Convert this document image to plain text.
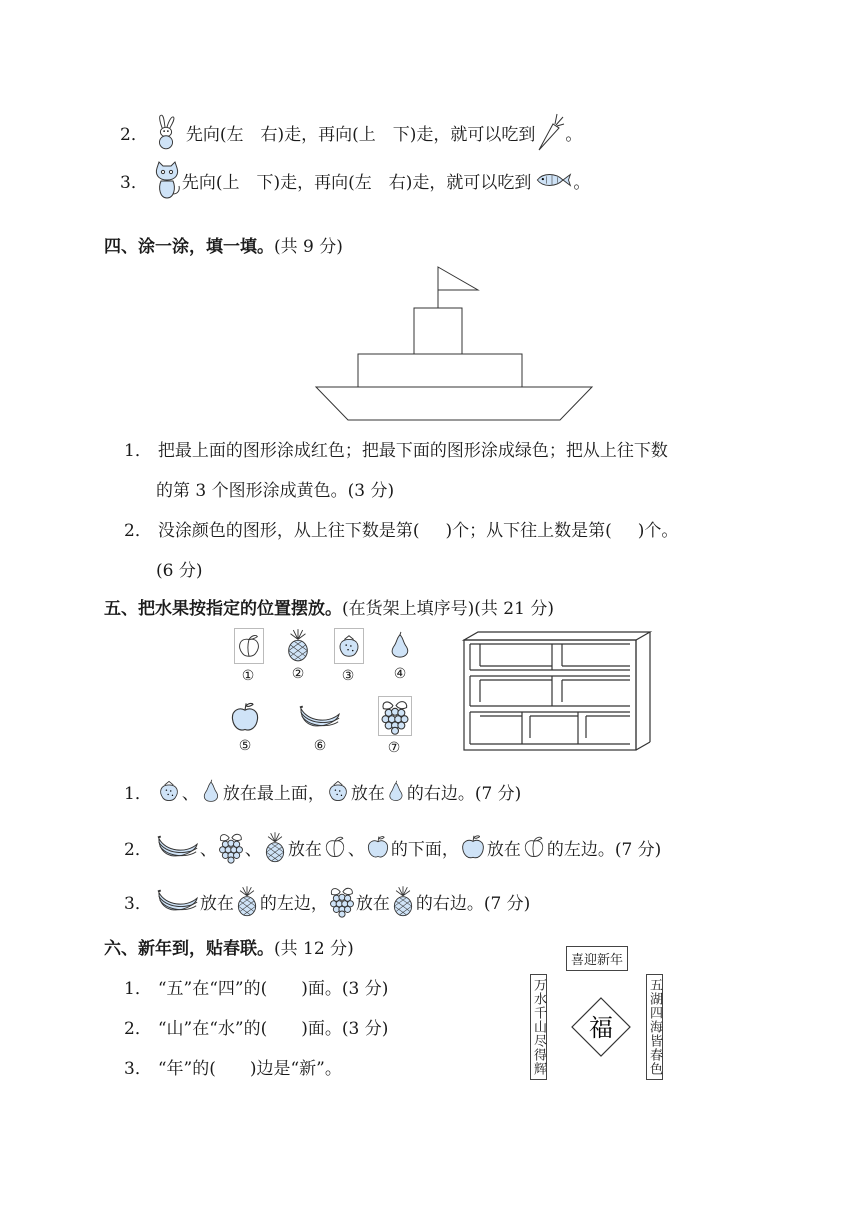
2． 先向(左　右)走，再向(上　下)走，就可以吃到 。
3． 先向(上　下)走，再向(左　右)走，就可以吃到 。
四、涂一涂，填一填。 (共 9 分)
1． 把最上面的图形涂成红色；把最下面的图形涂成绿色；把从上往下数
的第 3 个图形涂成黄色。(3 分)
2． 没涂颜色的图形，从上往下数是第( )个；从下往上数是第( )个。
(6 分)
五、把水果按指定的位置摆放。 (在货架上填序号)(共 21 分)
①	②	③	④
⑤	⑥	⑦
1． 、 放在最上面， 放在 的右边。(7 分)
2．	、 、 放在 、 的下面， 放在 的左边。(7 分)
3．	放在 的左边， 放在 的右边。(7 分)
六、新年到，贴春联。 (共 12 分)
1． “五”在“四”的(　　)面。(3 分)
2． “山”在“水”的(　　)面。(3 分)
3． “年”的(　　)边是“新”。
喜迎新年
万水千山尽得辉	五湖四海皆春色
福
